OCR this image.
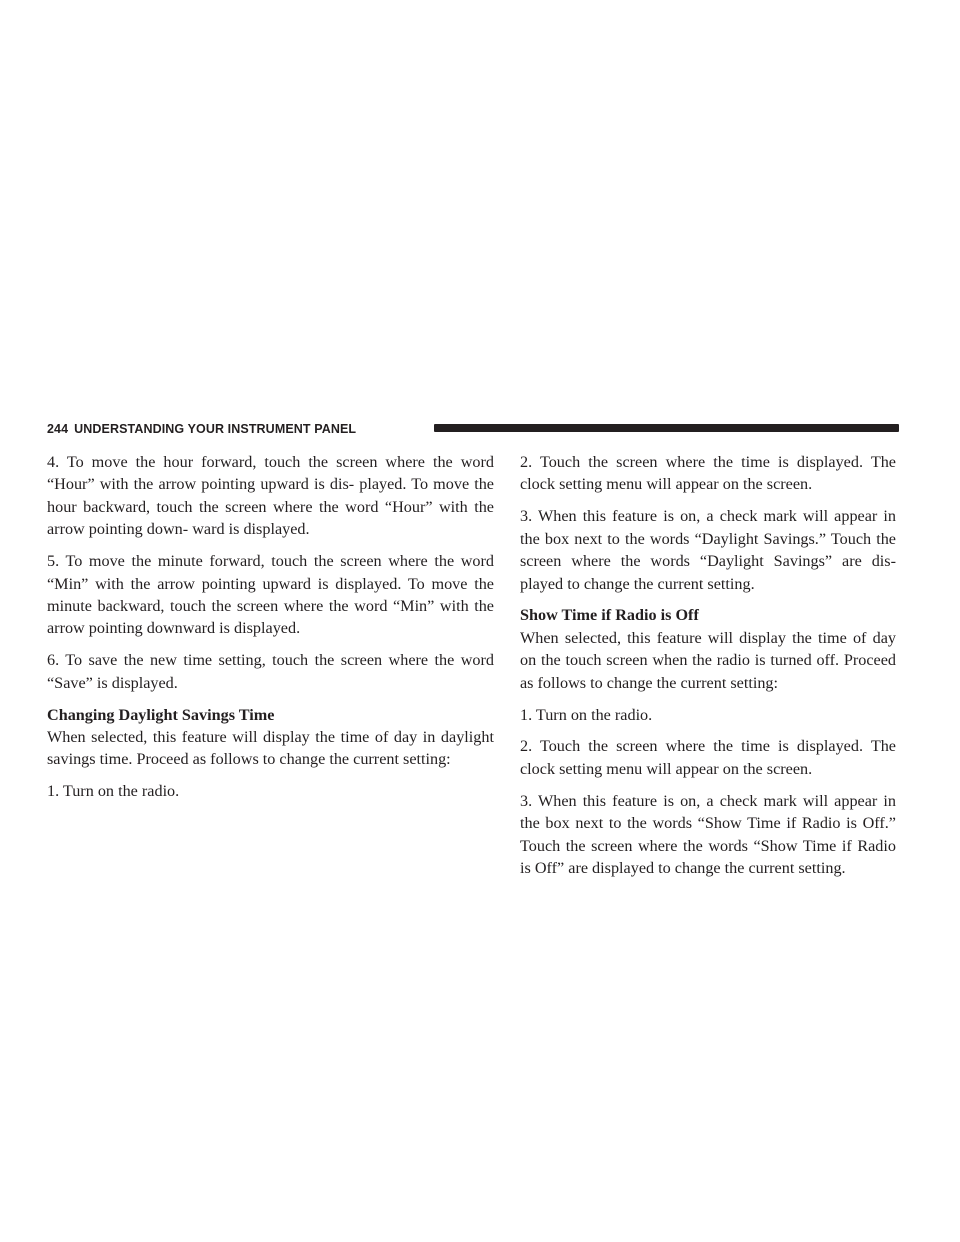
244 UNDERSTANDING YOUR INSTRUMENT PANEL

4. To move the hour forward, touch the screen where the word “Hour” with the arrow pointing upward is dis- played. To move the hour backward, touch the screen where the word “Hour” with the arrow pointing down- ward is displayed.

5. To move the minute forward, touch the screen where the word “Min” with the arrow pointing upward is displayed. To move the minute backward, touch the screen where the word “Min” with the arrow pointing downward is displayed.

6. To save the new time setting, touch the screen where the word “Save” is displayed.

Changing Daylight Savings Time

When selected, this feature will display the time of day in daylight savings time. Proceed as follows to change the current setting:

1. Turn on the radio.

2. Touch the screen where the time is displayed. The clock setting menu will appear on the screen.

3. When this feature is on, a check mark will appear in the box next to the words “Daylight Savings.” Touch the screen where the words “Daylight Savings” are dis- played to change the current setting.

Show Time if Radio is Off

When selected, this feature will display the time of day on the touch screen when the radio is turned off. Proceed as follows to change the current setting:

1. Turn on the radio.

2. Touch the screen where the time is displayed. The clock setting menu will appear on the screen.

3. When this feature is on, a check mark will appear in the box next to the words “Show Time if Radio is Off.” Touch the screen where the words “Show Time if Radio is Off” are displayed to change the current setting.
